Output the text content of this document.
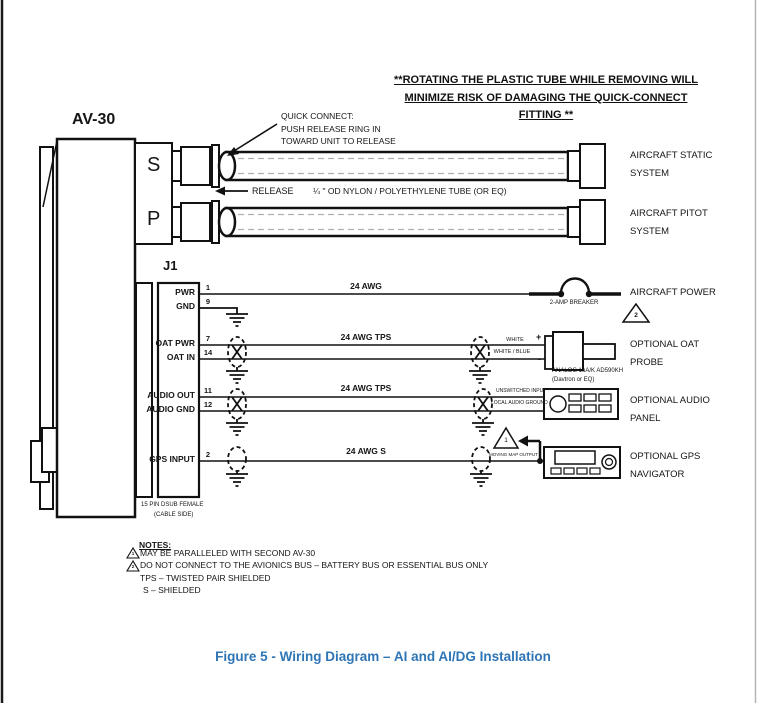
**ROTATING THE PLASTIC TUBE WHILE REMOVING WILL
MINIMIZE RISK OF DAMAGING THE QUICK-CONNECT FITTING **
AV-30
S
P
QUICK CONNECT:
PUSH RELEASE RING IN
TOWARD UNIT TO RELEASE
RELEASE ¼ " OD NYLON / POLYETHYLENE TUBE (OR EQ)
AIRCRAFT STATIC
SYSTEM
AIRCRAFT PITOT
SYSTEM
AIRCRAFT POWER
2
OPTIONAL OAT
PROBE
OPTIONAL AUDIO
PANEL
OPTIONAL GPS
NAVIGATOR
J1
PWR
GND
OAT PWR
OAT IN
AUDIO OUT
AUDIO GND
GPS INPUT
1
9
7
14
11
12
2
15 PIN DSUB FEMALE
(CABLE SIDE)
24 AWG
24 AWG TPS
24 AWG TPS
24 AWG S
2-AMP BREAKER
WHITE	+
WHITE / BLUE
-
ANALOG 1uA/K AD590KH
(Davtron or EQ)
UNSWITCHED INPUT
LOCAL AUDIO GROUND
MOVING MAP OUTPUT
1
NOTES:
1 MAY BE PARALLELED WITH SECOND AV-30
2 DO NOT CONNECT TO THE AVIONICS BUS – BATTERY BUS OR ESSENTIAL BUS ONLY
TPS – TWISTED PAIR SHIELDED
S – SHIELDED
Figure 5 - Wiring Diagram – AI and AI/DG Installation
